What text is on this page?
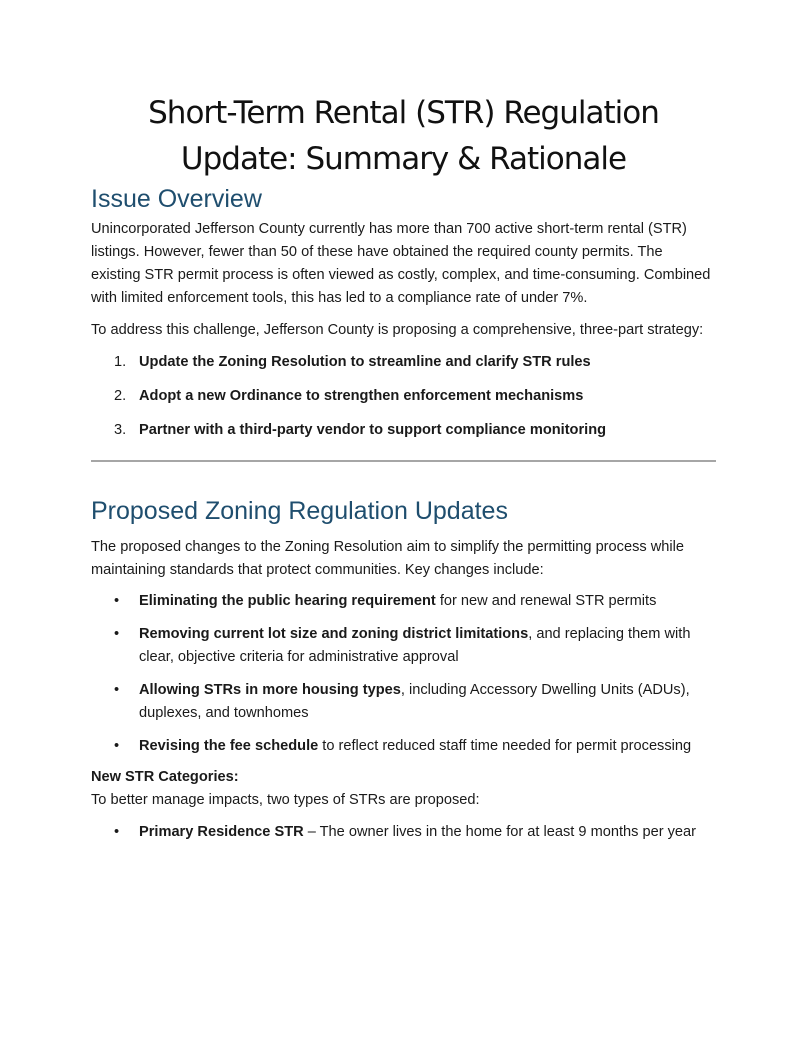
Short-Term Rental (STR) Regulation
Update: Summary & Rationale
Issue Overview

Unincorporated Jefferson County currently has more than 700 active short-term rental (STR) listings. However, fewer than 50 of these have obtained the required county permits. The existing STR permit process is often viewed as costly, complex, and time-consuming. Combined with limited enforcement tools, this has led to a compliance rate of under 7%.

To address this challenge, Jefferson County is proposing a comprehensive, three-part strategy:

1. Update the Zoning Resolution to streamline and clarify STR rules
2. Adopt a new Ordinance to strengthen enforcement mechanisms
3. Partner with a third-party vendor to support compliance monitoring
Proposed Zoning Regulation Updates

The proposed changes to the Zoning Resolution aim to simplify the permitting process while maintaining standards that protect communities. Key changes include:

• Eliminating the public hearing requirement for new and renewal STR permits
• Removing current lot size and zoning district limitations, and replacing them with clear, objective criteria for administrative approval
• Allowing STRs in more housing types, including Accessory Dwelling Units (ADUs), duplexes, and townhomes
• Revising the fee schedule to reflect reduced staff time needed for permit processing
New STR Categories:

To better manage impacts, two types of STRs are proposed:

• Primary Residence STR – The owner lives in the home for at least 9 months per year
